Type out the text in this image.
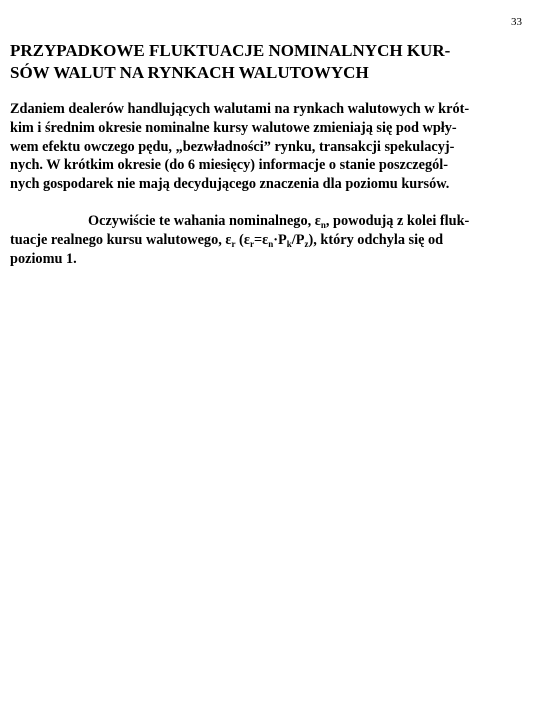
33
PRZYPADKOWE FLUKTUACJE NOMINALNYCH KUR-
SÓW WALUT NA RYNKACH WALUTOWYCH

Zdaniem dealerów handlujących walutami na rynkach walutowych w krót-
kim i średnim okresie nominalne kursy walutowe zmieniają się pod wpły-
wem efektu owczego pędu, „bezwładności” rynku, transakcji spekulacyj-
nych. W krótkim okresie (do 6 miesięcy) informacje o stanie poszczegól-
nych gospodarek nie mają decydującego znaczenia dla poziomu kursów.

Oczywiście te wahania nominalnego, $\varepsilon_n$, powodują z kolei fluk-
tuacje realnego kursu walutowego, $\varepsilon_r$ $(\varepsilon_r=\varepsilon_n\cdot P_k/P_z)$, który odchyla się od
poziomu 1.
